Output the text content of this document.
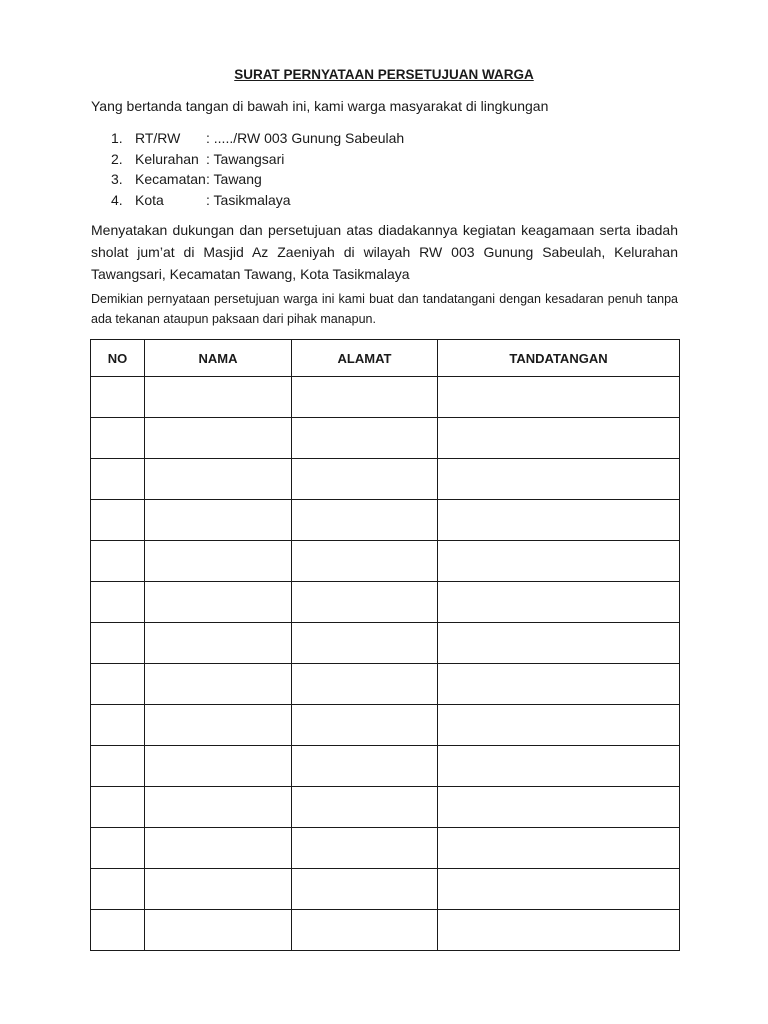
SURAT PERNYATAAN PERSETUJUAN WARGA
Yang bertanda tangan di bawah ini, kami warga masyarakat di lingkungan
1. RT/RW : ...../RW 003 Gunung Sabeulah
2. Kelurahan : Tawangsari
3. Kecamatan: Tawang
4. Kota	: Tasikmalaya
Menyatakan dukungan dan persetujuan atas diadakannya kegiatan keagamaan serta ibadah sholat jum’at di Masjid Az Zaeniyah di wilayah RW 003 Gunung Sabeulah, Kelurahan Tawangsari, Kecamatan Tawang, Kota Tasikmalaya
Demikian pernyataan persetujuan warga ini kami buat dan tandatangani dengan kesadaran penuh tanpa ada tekanan ataupun paksaan dari pihak manapun.
NO	NAMA	ALAMAT	TANDATANGAN
